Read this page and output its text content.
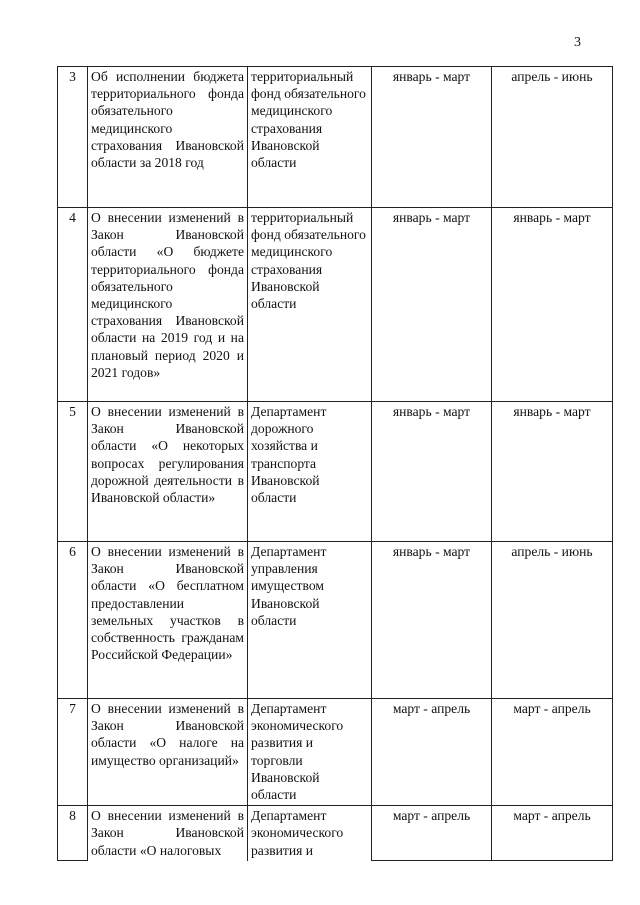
3
3	Об исполнении бюджета территориального фонда обязательного медицинского страхования Ивановской области за 2018 год	территориальный фонд обязательного медицинского страхования Ивановской области	январь - март	апрель - июнь
4	О внесении изменений в Закон Ивановской области «О бюджете территориального фонда обязательного медицинского страхования Ивановской области на 2019 год и на плановый период 2020 и 2021 годов»	территориальный фонд обязательного медицинского страхования Ивановской области	январь - март	январь - март
5	О внесении изменений в Закон Ивановской области «О некоторых вопросах регулирования дорожной деятельности в Ивановской области»	Департамент дорожного хозяйства и транспорта Ивановской области	январь - март	январь - март
6	О внесении изменений в Закон Ивановской области «О бесплатном предоставлении земельных участков в собственность гражданам Российской Федерации»	Департамент управления имуществом Ивановской области	январь - март	апрель - июнь
7	О внесении изменений в Закон Ивановской области «О налоге на имущество организаций»	Департамент экономического развития и торговли Ивановской области	март - апрель	март - апрель
8	О внесении изменений в Закон Ивановской области «О налоговых	Департамент экономического развития и	март - апрель	март - апрель
